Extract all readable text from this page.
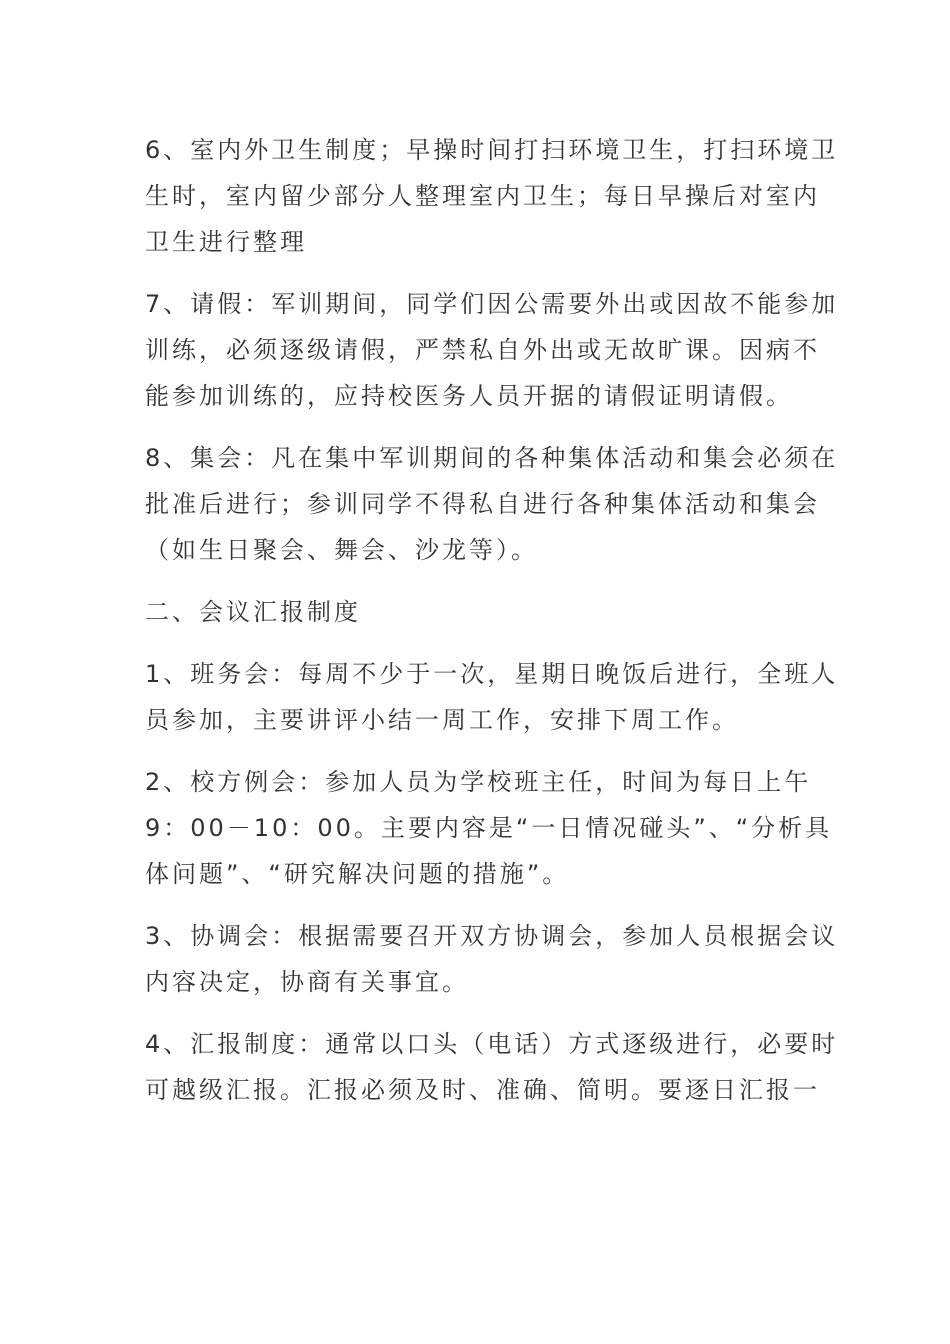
6、室内外卫生制度；早操时间打扫环境卫生，打扫环境卫
生时，室内留少部分人整理室内卫生；每日早操后对室内
卫生进行整理

7、请假：军训期间，同学们因公需要外出或因故不能参加
训练，必须逐级请假，严禁私自外出或无故旷课。因病不
能参加训练的，应持校医务人员开据的请假证明请假。

8、集会：凡在集中军训期间的各种集体活动和集会必须在
批准后进行；参训同学不得私自进行各种集体活动和集会
（如生日聚会、舞会、沙龙等）。

二、会议汇报制度

1、班务会：每周不少于一次，星期日晚饭后进行，全班人
员参加，主要讲评小结一周工作，安排下周工作。

2、校方例会：参加人员为学校班主任，时间为每日上午
9：00－10：00。主要内容是“一日情况碰头”、“分析具
体问题”、“研究解决问题的措施”。

3、协调会：根据需要召开双方协调会，参加人员根据会议
内容决定，协商有关事宜。

4、汇报制度：通常以口头（电话）方式逐级进行，必要时
可越级汇报。汇报必须及时、准确、简明。要逐日汇报一
